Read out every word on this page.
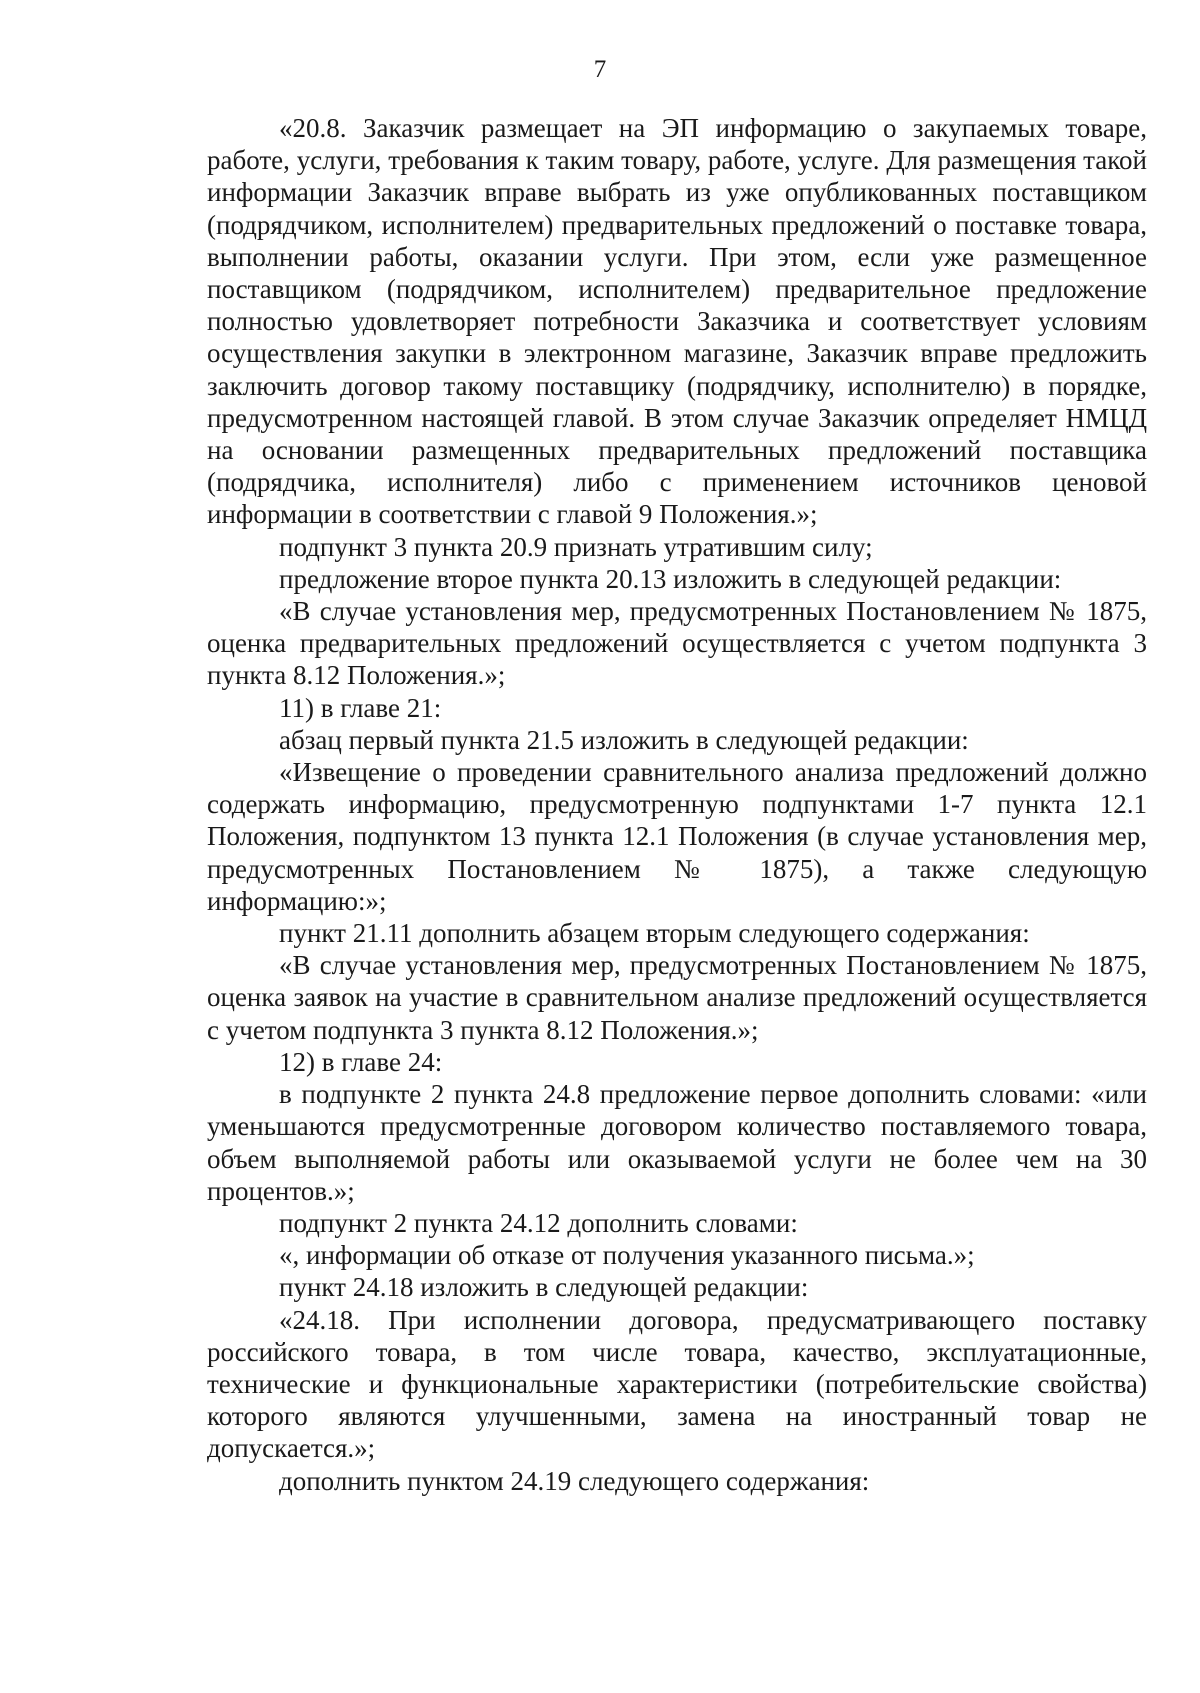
7

«20.8. Заказчик размещает на ЭП информацию о закупаемых товаре, работе, услуги, требования к таким товару, работе, услуге. Для размещения такой информации Заказчик вправе выбрать из уже опубликованных поставщиком (подрядчиком, исполнителем) предварительных предложений о поставке товара, выполнении работы, оказании услуги. При этом, если уже размещенное поставщиком (подрядчиком, исполнителем) предварительное предложение полностью удовлетворяет потребности Заказчика и соответствует условиям осуществления закупки в электронном магазине, Заказчик вправе предложить заключить договор такому поставщику (подрядчику, исполнителю) в порядке, предусмотренном настоящей главой. В этом случае Заказчик определяет НМЦД на основании размещенных предварительных предложений поставщика (подрядчика, исполнителя) либо с применением источников ценовой информации в соответствии с главой 9 Положения.»;

подпункт 3 пункта 20.9 признать утратившим силу;

предложение второе пункта 20.13 изложить в следующей редакции:

«В случае установления мер, предусмотренных Постановлением № 1875, оценка предварительных предложений осуществляется с учетом подпункта 3 пункта 8.12 Положения.»;

11) в главе 21:

абзац первый пункта 21.5 изложить в следующей редакции:

«Извещение о проведении сравнительного анализа предложений должно содержать информацию, предусмотренную подпунктами 1-7 пункта 12.1 Положения, подпунктом 13 пункта 12.1 Положения (в случае установления мер, предусмотренных Постановлением № 1875), а также следующую информацию:»;

пункт 21.11 дополнить абзацем вторым следующего содержания:

«В случае установления мер, предусмотренных Постановлением № 1875, оценка заявок на участие в сравнительном анализе предложений осуществляется с учетом подпункта 3 пункта 8.12 Положения.»;

12) в главе 24:

в подпункте 2 пункта 24.8 предложение первое дополнить словами: «или уменьшаются предусмотренные договором количество поставляемого товара, объем выполняемой работы или оказываемой услуги не более чем на 30 процентов.»;

подпункт 2 пункта 24.12 дополнить словами:

«, информации об отказе от получения указанного письма.»;

пункт 24.18 изложить в следующей редакции:

«24.18. При исполнении договора, предусматривающего поставку российского товара, в том числе товара, качество, эксплуатационные, технические и функциональные характеристики (потребительские свойства) которого являются улучшенными, замена на иностранный товар не допускается.»;

дополнить пунктом 24.19 следующего содержания:
